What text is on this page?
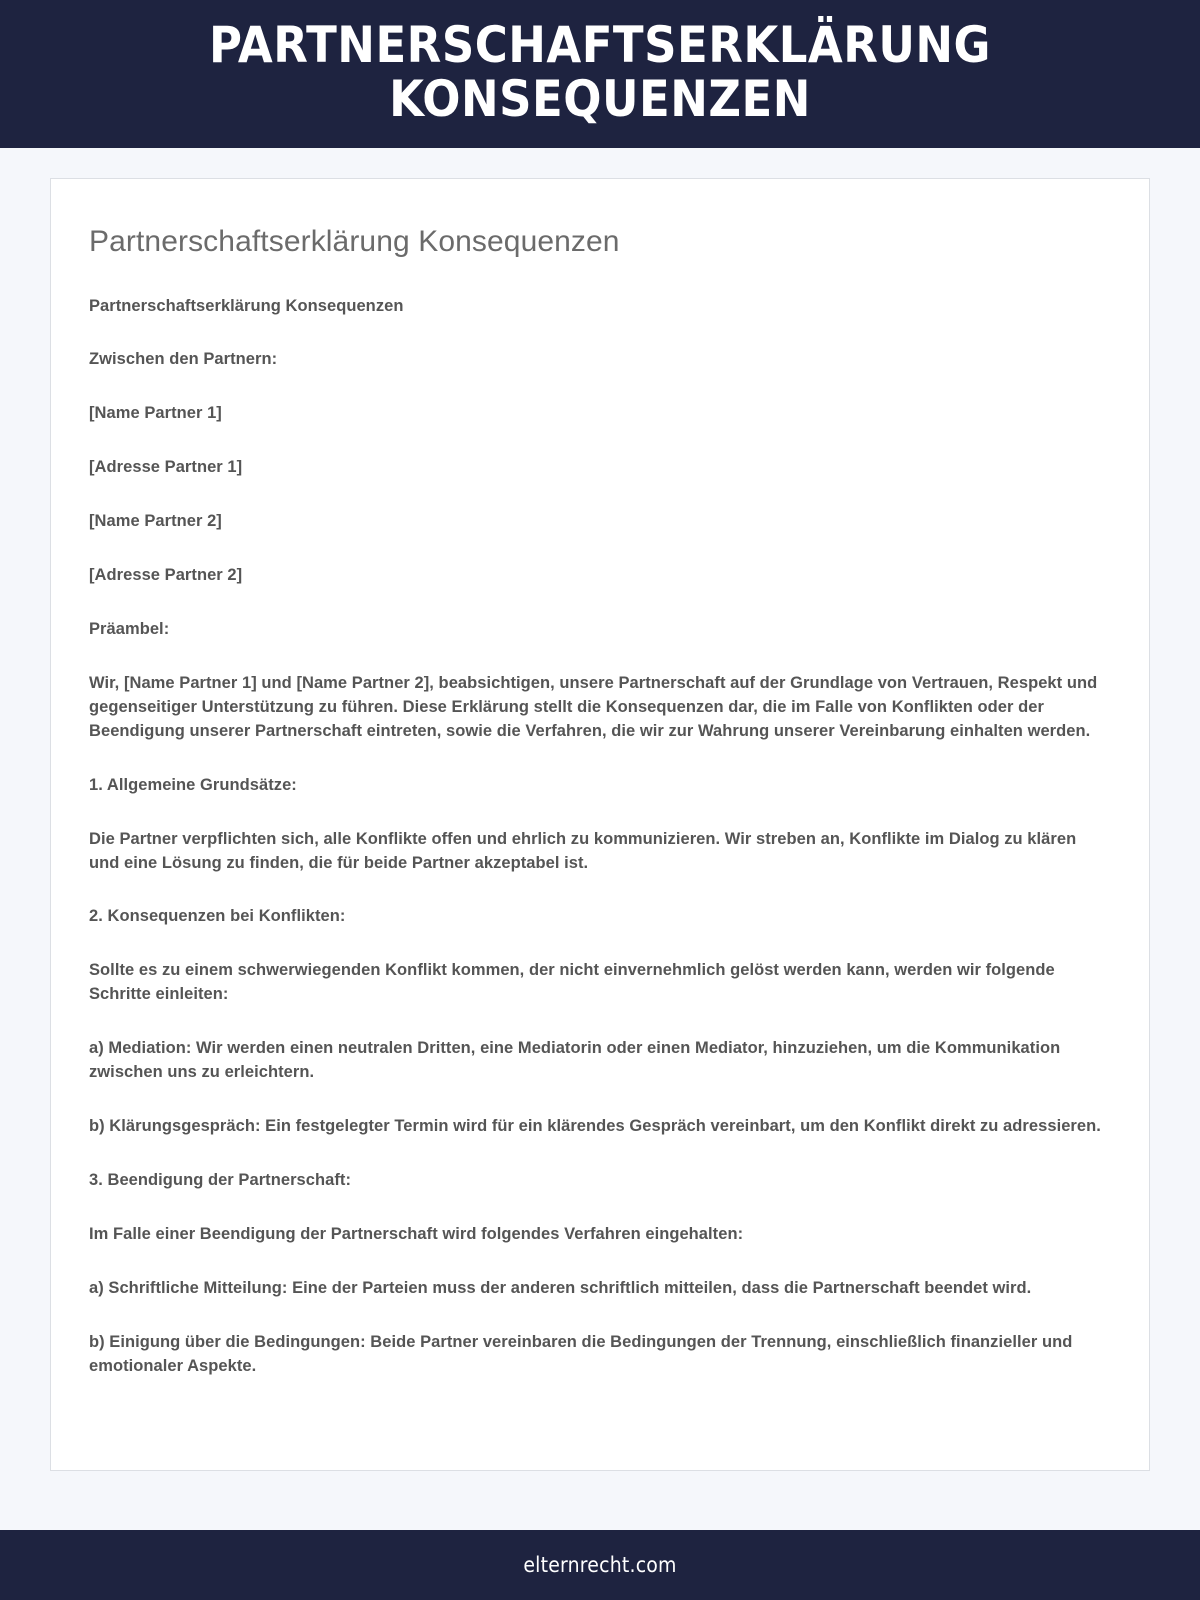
PARTNERSCHAFTSERKLÄRUNG KONSEQUENZEN
Partnerschaftserklärung Konsequenzen

Partnerschaftserklärung Konsequenzen

Zwischen den Partnern:

[Name Partner 1]

[Adresse Partner 1]

[Name Partner 2]

[Adresse Partner 2]

Präambel:

Wir, [Name Partner 1] und [Name Partner 2], beabsichtigen, unsere Partnerschaft auf der Grundlage von Vertrauen, Respekt und gegenseitiger Unterstützung zu führen. Diese Erklärung stellt die Konsequenzen dar, die im Falle von Konflikten oder der Beendigung unserer Partnerschaft eintreten, sowie die Verfahren, die wir zur Wahrung unserer Vereinbarung einhalten werden.

1. Allgemeine Grundsätze:

Die Partner verpflichten sich, alle Konflikte offen und ehrlich zu kommunizieren. Wir streben an, Konflikte im Dialog zu klären und eine Lösung zu finden, die für beide Partner akzeptabel ist.

2. Konsequenzen bei Konflikten:

Sollte es zu einem schwerwiegenden Konflikt kommen, der nicht einvernehmlich gelöst werden kann, werden wir folgende Schritte einleiten:

a) Mediation: Wir werden einen neutralen Dritten, eine Mediatorin oder einen Mediator, hinzuziehen, um die Kommunikation zwischen uns zu erleichtern.

b) Klärungsgespräch: Ein festgelegter Termin wird für ein klärendes Gespräch vereinbart, um den Konflikt direkt zu adressieren.

3. Beendigung der Partnerschaft:

Im Falle einer Beendigung der Partnerschaft wird folgendes Verfahren eingehalten:

a) Schriftliche Mitteilung: Eine der Parteien muss der anderen schriftlich mitteilen, dass die Partnerschaft beendet wird.

b) Einigung über die Bedingungen: Beide Partner vereinbaren die Bedingungen der Trennung, einschließlich finanzieller und emotionaler Aspekte.

elternrecht.com
